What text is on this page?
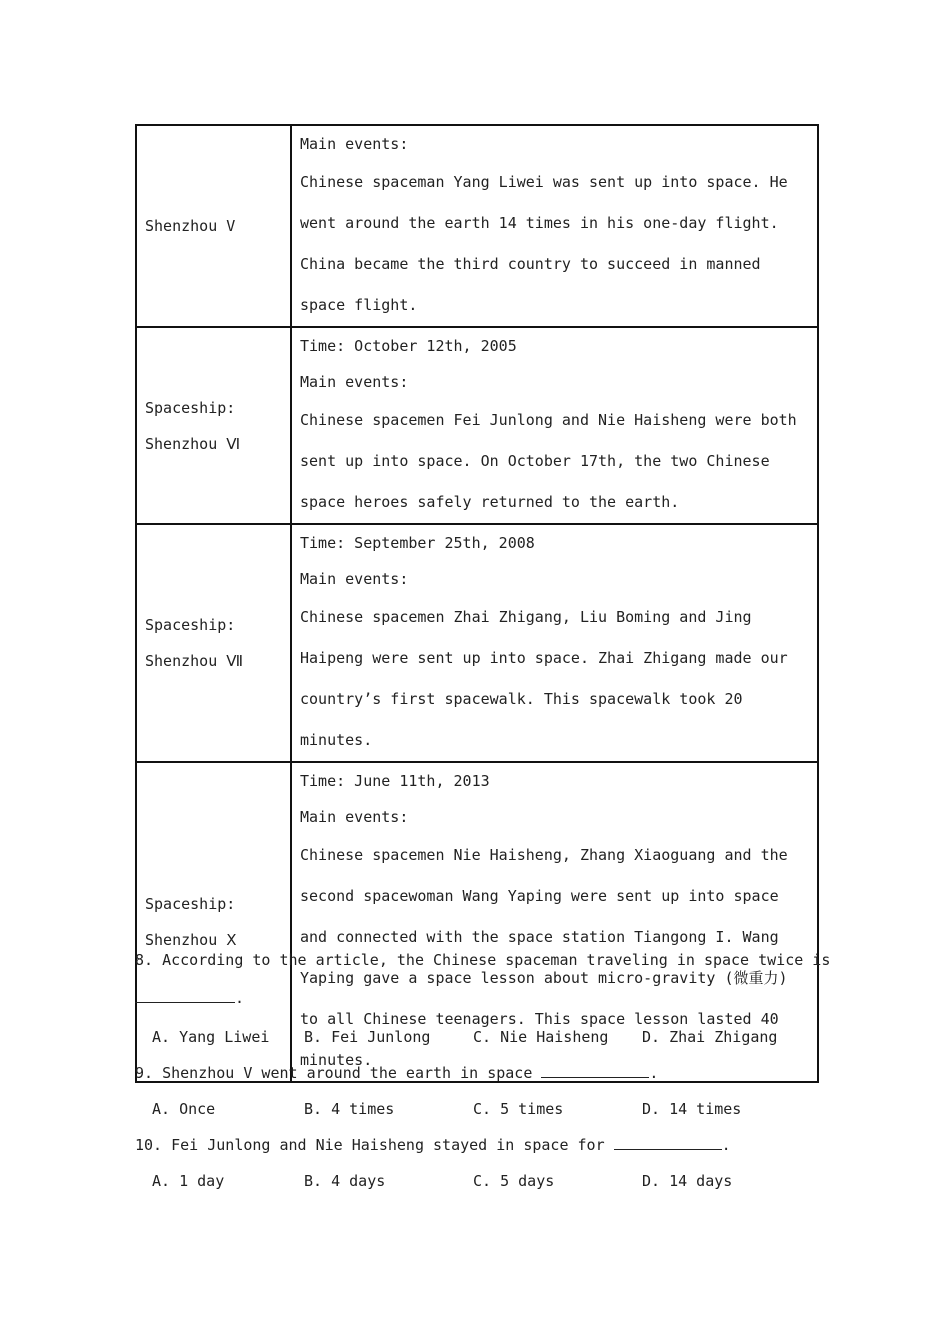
Shenzhou V	Main events:
Chinese spaceman Yang Liwei was sent up into space. He went around the earth 14 times in his one-day flight. China became the third country to succeed in manned space flight.

Spaceship:
Shenzhou Ⅵ	Time: October 12th, 2005
Main events:
Chinese spacemen Fei Junlong and Nie Haisheng were both sent up into space. On October 17th, the two Chinese space heroes safely returned to the earth.

Spaceship:
Shenzhou Ⅶ	Time: September 25th, 2008
Main events:
Chinese spacemen Zhai Zhigang, Liu Boming and Jing Haipeng were sent up into space. Zhai Zhigang made our country’s first spacewalk. This spacewalk took 20 minutes.

Spaceship:
Shenzhou Ⅹ	Time: June 11th, 2013
Main events:
Chinese spacemen Nie Haisheng, Zhang Xiaoguang and the second spacewoman Wang Yaping were sent up into space and connected with the space station Tiangong I. Wang Yaping gave a space lesson about micro-gravity (微重力) to all Chinese teenagers. This space lesson lasted 40 minutes.
8. According to the article, the Chinese spaceman traveling in space twice is
.
A. Yang Liwei B. Fei Junlong	C. Nie Haisheng D. Zhai Zhigang
9. Shenzhou V went around the earth in space	.
A. Once	B. 4 times	C. 5 times	D. 14 times
10. Fei Junlong and Nie Haisheng stayed in space for	.
A. 1 day	B. 4 days	C. 5 days	D. 14 days
